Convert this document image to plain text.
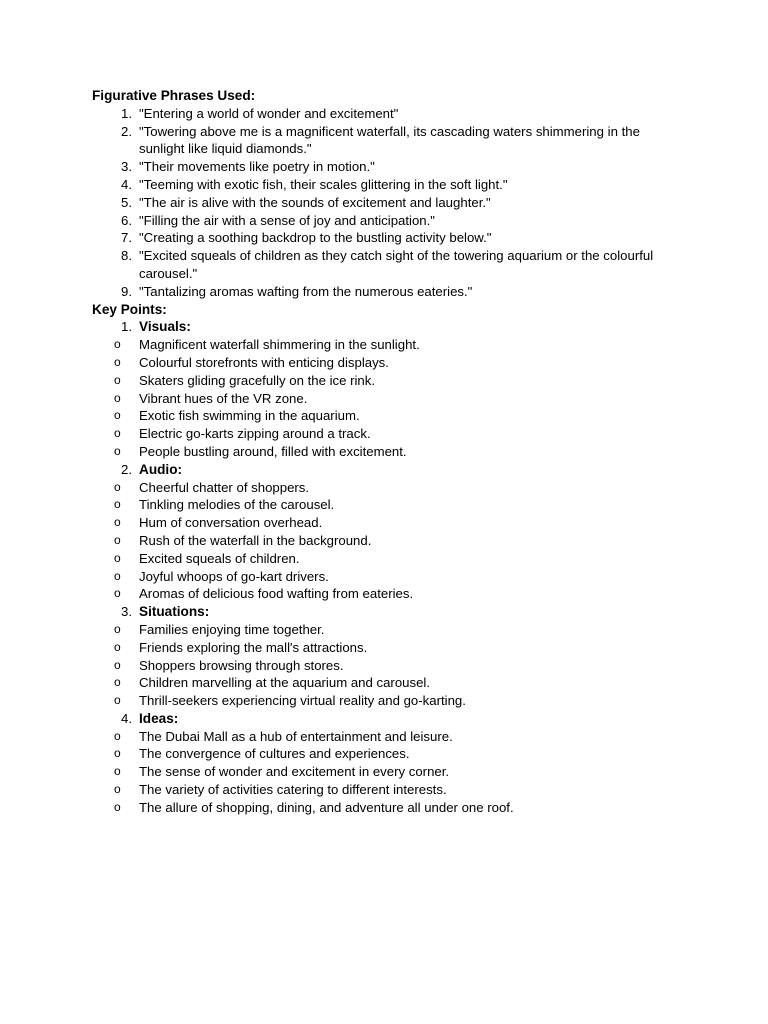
Figurative Phrases Used:
1. "Entering a world of wonder and excitement"
2. "Towering above me is a magnificent waterfall, its cascading waters shimmering in the sunlight like liquid diamonds."
3. "Their movements like poetry in motion."
4. "Teeming with exotic fish, their scales glittering in the soft light."
5. "The air is alive with the sounds of excitement and laughter."
6. "Filling the air with a sense of joy and anticipation."
7. "Creating a soothing backdrop to the bustling activity below."
8. "Excited squeals of children as they catch sight of the towering aquarium or the colourful carousel."
9. "Tantalizing aromas wafting from the numerous eateries."
Key Points:
1. Visuals:
o Magnificent waterfall shimmering in the sunlight.
o Colourful storefronts with enticing displays.
o Skaters gliding gracefully on the ice rink.
o Vibrant hues of the VR zone.
o Exotic fish swimming in the aquarium.
o Electric go-karts zipping around a track.
o People bustling around, filled with excitement.
2. Audio:
o Cheerful chatter of shoppers.
o Tinkling melodies of the carousel.
o Hum of conversation overhead.
o Rush of the waterfall in the background.
o Excited squeals of children.
o Joyful whoops of go-kart drivers.
o Aromas of delicious food wafting from eateries.
3. Situations:
o Families enjoying time together.
o Friends exploring the mall's attractions.
o Shoppers browsing through stores.
o Children marvelling at the aquarium and carousel.
o Thrill-seekers experiencing virtual reality and go-karting.
4. Ideas:
o The Dubai Mall as a hub of entertainment and leisure.
o The convergence of cultures and experiences.
o The sense of wonder and excitement in every corner.
o The variety of activities catering to different interests.
o The allure of shopping, dining, and adventure all under one roof.
